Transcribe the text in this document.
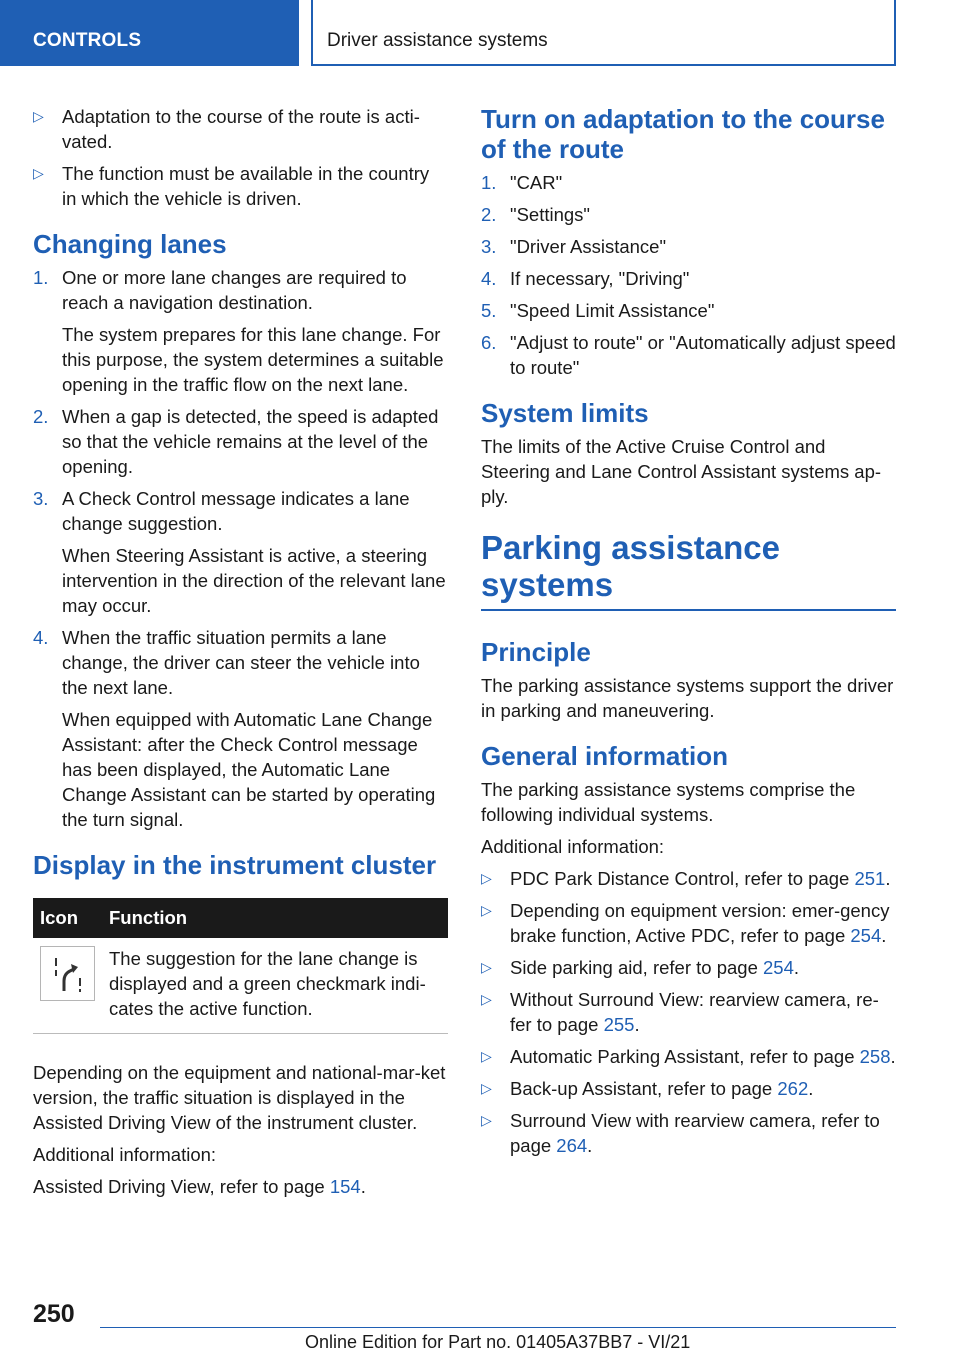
CONTROLS	Driver assistance systems
▷ Adaptation to the course of the route is acti-vated.
▷ The function must be available in the country in which the vehicle is driven.
Changing lanes
1. One or more lane changes are required to reach a navigation destination.

The system prepares for this lane change. For this purpose, the system determines a suitable opening in the traffic flow on the next lane.

2. When a gap is detected, the speed is adapted so that the vehicle remains at the level of the opening.

3. A Check Control message indicates a lane change suggestion.

When Steering Assistant is active, a steering intervention in the direction of the relevant lane may occur.

4. When the traffic situation permits a lane change, the driver can steer the vehicle into the next lane.

When equipped with Automatic Lane Change Assistant: after the Check Control message has been displayed, the Automatic Lane Change Assistant can be started by operating the turn signal.

Display in the instrument cluster
Icon	Function

	The suggestion for the lane change is displayed and a green checkmark indi-cates the active function.

Depending on the equipment and national-mar-ket version, the traffic situation is displayed in the Assisted Driving View of the instrument cluster.

Additional information:

Assisted Driving View, refer to page 154.

Turn on adaptation to the course of the route
1. "CAR"
2. "Settings"
3. "Driver Assistance"
4. If necessary, "Driving"
5. "Speed Limit Assistance"
6. "Adjust to route" or "Automatically adjust speed to route"
System limits

The limits of the Active Cruise Control and Steering and Lane Control Assistant systems ap-ply.

Parking assistance systems
Principle

The parking assistance systems support the driver in parking and maneuvering.

General information

The parking assistance systems comprise the following individual systems.

Additional information:

▷ PDC Park Distance Control, refer to page 251.
▷ Depending on equipment version: emer-gency brake function, Active PDC, refer to page 254.
▷ Side parking aid, refer to page 254.
▷ Without Surround View: rearview camera, re-fer to page 255.
▷ Automatic Parking Assistant, refer to page 258.
▷ Back-up Assistant, refer to page 262.
▷ Surround View with rearview camera, refer to page 264.
250
Online Edition for Part no. 01405A37BB7 - VI/21
